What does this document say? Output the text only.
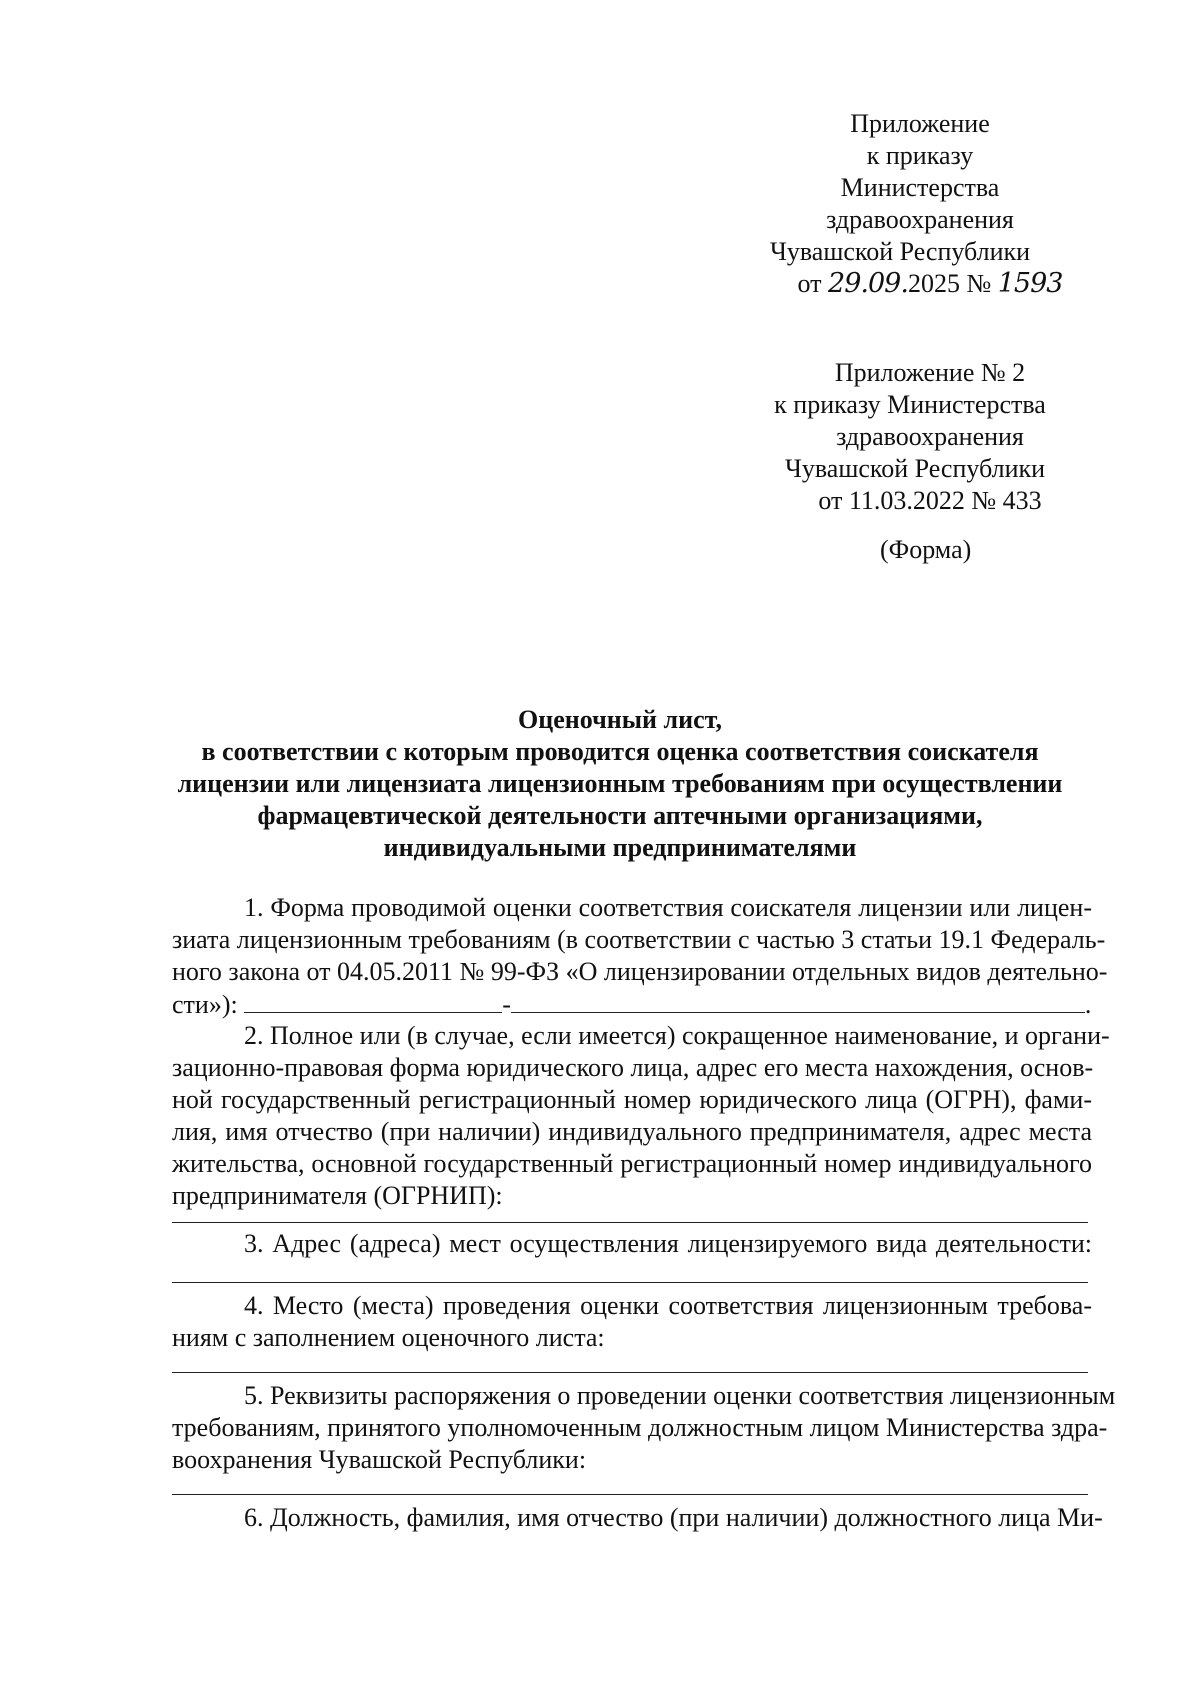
Приложение
к приказу
Министерства
здравоохранения
Чувашской Республики
от 29.09.2025 № 1593
Приложение № 2
к приказу Министерства
здравоохранения
Чувашской Республики
от 11.03.2022 № 433
(Форма)
Оценочный лист,
в соответствии с которым проводится оценка соответствия соискателя
лицензии или лицензиата лицензионным требованиям при осуществлении
фармацевтической деятельности аптечными организациями,
индивидуальными предпринимателями
1. Форма проводимой оценки соответствия соискателя лицензии или лицен-
зиата лицензионным требованиям (в соответствии с частью 3 статьи 19.1 Федераль-
ного закона от 04.05.2011 № 99-ФЗ «О лицензировании отдельных видов деятельно-
сти»):	-	.
2. Полное или (в случае, если имеется) сокращенное наименование, и органи-
зационно-правовая форма юридического лица, адрес его места нахождения, основ-
ной государственный регистрационный номер юридического лица (ОГРН), фами-
лия, имя отчество (при наличии) индивидуального предпринимателя, адрес места
жительства, основной государственный регистрационный номер индивидуального
предпринимателя (ОГРНИП):
3. Адрес (адреса) мест осуществления лицензируемого вида деятельности:
4. Место (места) проведения оценки соответствия лицензионным требова-
ниям с заполнением оценочного листа:
5. Реквизиты распоряжения о проведении оценки соответствия лицензионным
требованиям, принятого уполномоченным должностным лицом Министерства здра-
воохранения Чувашской Республики:
6. Должность, фамилия, имя отчество (при наличии) должностного лица Ми-
